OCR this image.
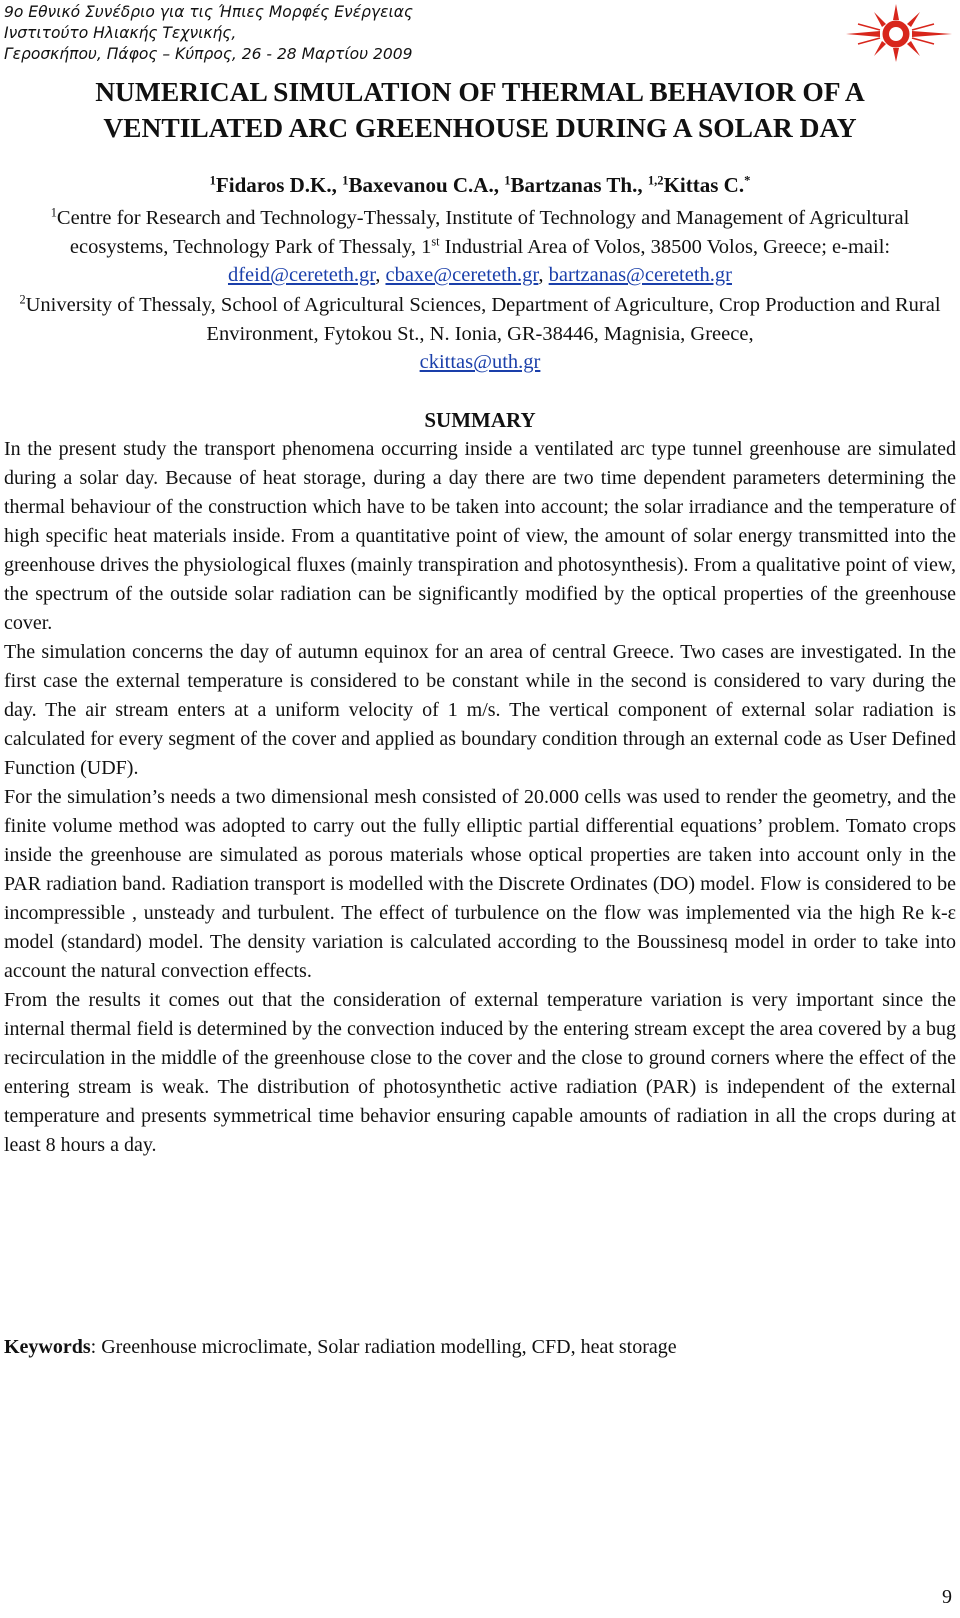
9ο Εθνικό Συνέδριο για τις Ήπιες Μορφές Ενέργειας
Ινστιτούτο Ηλιακής Τεχνικής,
Γεροσκήπου, Πάφος – Κύπρος, 26 - 28 Μαρτίου 2009
NUMERICAL SIMULATION OF THERMAL BEHAVIOR OF A
VENTILATED ARC GREENHOUSE DURING A SOLAR DAY
$^1$Fidaros D.K., $^1$Baxevanou C.A., $^1$Bartzanas Th., $^{1,2}$Kittas C.*
$^1$Centre for Research and Technology-Thessaly, Institute of Technology and Management of Agricultural ecosystems, Technology Park of Thessaly, 1st Industrial Area of Volos, 38500 Volos, Greece; e-mail: dfeid@cereteth.gr, cbaxe@cereteth.gr, bartzanas@cereteth.gr
$^2$University of Thessaly, School of Agricultural Sciences, Department of Agriculture, Crop Production and Rural Environment, Fytokou St., N. Ionia, GR-38446, Magnisia, Greece,
ckittas@uth.gr
SUMMARY

In the present study the transport phenomena occurring inside a ventilated arc type tunnel greenhouse are simulated during a solar day. Because of heat storage, during a day there are two time dependent parameters determining the thermal behaviour of the construction which have to be taken into account; the solar irradiance and the temperature of high specific heat materials inside. From a quantitative point of view, the amount of solar energy transmitted into the greenhouse drives the physiological fluxes (mainly transpiration and photosynthesis). From a qualitative point of view, the spectrum of the outside solar radiation can be significantly modified by the optical properties of the greenhouse cover.

The simulation concerns the day of autumn equinox for an area of central Greece. Two cases are investigated. In the first case the external temperature is considered to be constant while in the second is considered to vary during the day. The air stream enters at a uniform velocity of 1 m/s. The vertical component of external solar radiation is calculated for every segment of the cover and applied as boundary condition through an external code as User Defined Function (UDF).

For the simulation’s needs a two dimensional mesh consisted of 20.000 cells was used to render the geometry, and the finite volume method was adopted to carry out the fully elliptic partial differential equations’ problem. Tomato crops inside the greenhouse are simulated as porous materials whose optical properties are taken into account only in the PAR radiation band. Radiation transport is modelled with the Discrete Ordinates (DO) model. Flow is considered to be incompressible , unsteady and turbulent. The effect of turbulence on the flow was implemented via the high Re k-ε model (standard) model. The density variation is calculated according to the Boussinesq model in order to take into account the natural convection effects.

From the results it comes out that the consideration of external temperature variation is very important since the internal thermal field is determined by the convection induced by the entering stream except the area covered by a bug recirculation in the middle of the greenhouse close to the cover and the close to ground corners where the effect of the entering stream is weak. The distribution of photosynthetic active radiation (PAR) is independent of the external temperature and presents symmetrical time behavior ensuring capable amounts of radiation in all the crops during at least 8 hours a day.

Keywords: Greenhouse microclimate, Solar radiation modelling, CFD, heat storage
9
